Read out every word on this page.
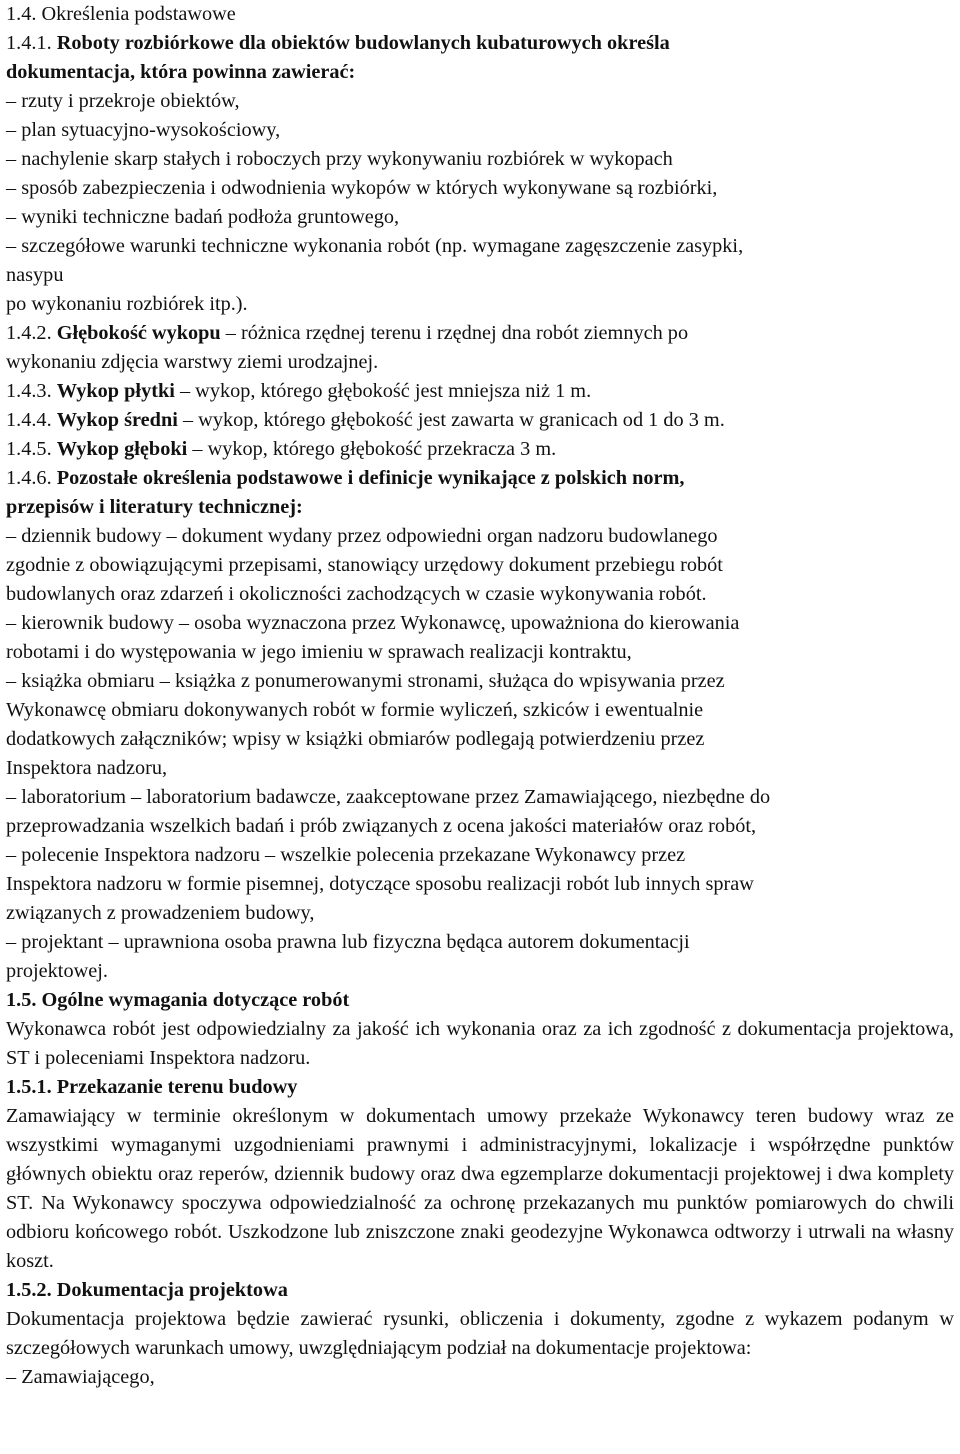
1.4. Określenia podstawowe
1.4.1. Roboty rozbiórkowe dla obiektów budowlanych kubaturowych określa
dokumentacja, która powinna zawierać:
– rzuty i przekroje obiektów,
– plan sytuacyjno-wysokościowy,
– nachylenie skarp stałych i roboczych przy wykonywaniu rozbiórek w wykopach
– sposób zabezpieczenia i odwodnienia wykopów w których wykonywane są rozbiórki,
– wyniki techniczne badań podłoża gruntowego,
– szczegółowe warunki techniczne wykonania robót (np. wymagane zagęszczenie zasypki,
nasypu
po wykonaniu rozbiórek itp.).
1.4.2. Głębokość wykopu – różnica rzędnej terenu i rzędnej dna robót ziemnych po
wykonaniu zdjęcia warstwy ziemi urodzajnej.
1.4.3. Wykop płytki – wykop, którego głębokość jest mniejsza niż 1 m.
1.4.4. Wykop średni – wykop, którego głębokość jest zawarta w granicach od 1 do 3 m.
1.4.5. Wykop głęboki – wykop, którego głębokość przekracza 3 m.
1.4.6. Pozostałe określenia podstawowe i definicje wynikające z polskich norm,
przepisów i literatury technicznej:
– dziennik budowy – dokument wydany przez odpowiedni organ nadzoru budowlanego
zgodnie z obowiązującymi przepisami, stanowiący urzędowy dokument przebiegu robót
budowlanych oraz zdarzeń i okoliczności zachodzących w czasie wykonywania robót.
– kierownik budowy – osoba wyznaczona przez Wykonawcę, upoważniona do kierowania
robotami i do występowania w jego imieniu w sprawach realizacji kontraktu,
– książka obmiaru – książka z ponumerowanymi stronami, służąca do wpisywania przez
Wykonawcę obmiaru dokonywanych robót w formie wyliczeń, szkiców i ewentualnie
dodatkowych załączników; wpisy w książki obmiarów podlegają potwierdzeniu przez
Inspektora nadzoru,
– laboratorium – laboratorium badawcze, zaakceptowane przez Zamawiającego, niezbędne do
przeprowadzania wszelkich badań i prób związanych z ocena jakości materiałów oraz robót,
– polecenie Inspektora nadzoru – wszelkie polecenia przekazane Wykonawcy przez
Inspektora nadzoru w formie pisemnej, dotyczące sposobu realizacji robót lub innych spraw
związanych z prowadzeniem budowy,
– projektant – uprawniona osoba prawna lub fizyczna będąca autorem dokumentacji
projektowej.
1.5. Ogólne wymagania dotyczące robót
Wykonawca robót jest odpowiedzialny za jakość ich wykonania oraz za ich zgodność z dokumentacja projektowa, ST i poleceniami Inspektora nadzoru.
1.5.1. Przekazanie terenu budowy
Zamawiający w terminie określonym w dokumentach umowy przekaże Wykonawcy teren budowy wraz ze wszystkimi wymaganymi uzgodnieniami prawnymi i administracyjnymi, lokalizacje i współrzędne punktów głównych obiektu oraz reperów, dziennik budowy oraz dwa egzemplarze dokumentacji projektowej i dwa komplety ST. Na Wykonawcy spoczywa odpowiedzialność za ochronę przekazanych mu punktów pomiarowych do chwili odbioru końcowego robót. Uszkodzone lub zniszczone znaki geodezyjne Wykonawca odtworzy i utrwali na własny koszt.
1.5.2. Dokumentacja projektowa
Dokumentacja projektowa będzie zawierać rysunki, obliczenia i dokumenty, zgodne z wykazem podanym w szczegółowych warunkach umowy, uwzględniającym podział na dokumentacje projektowa:
– Zamawiającego,
